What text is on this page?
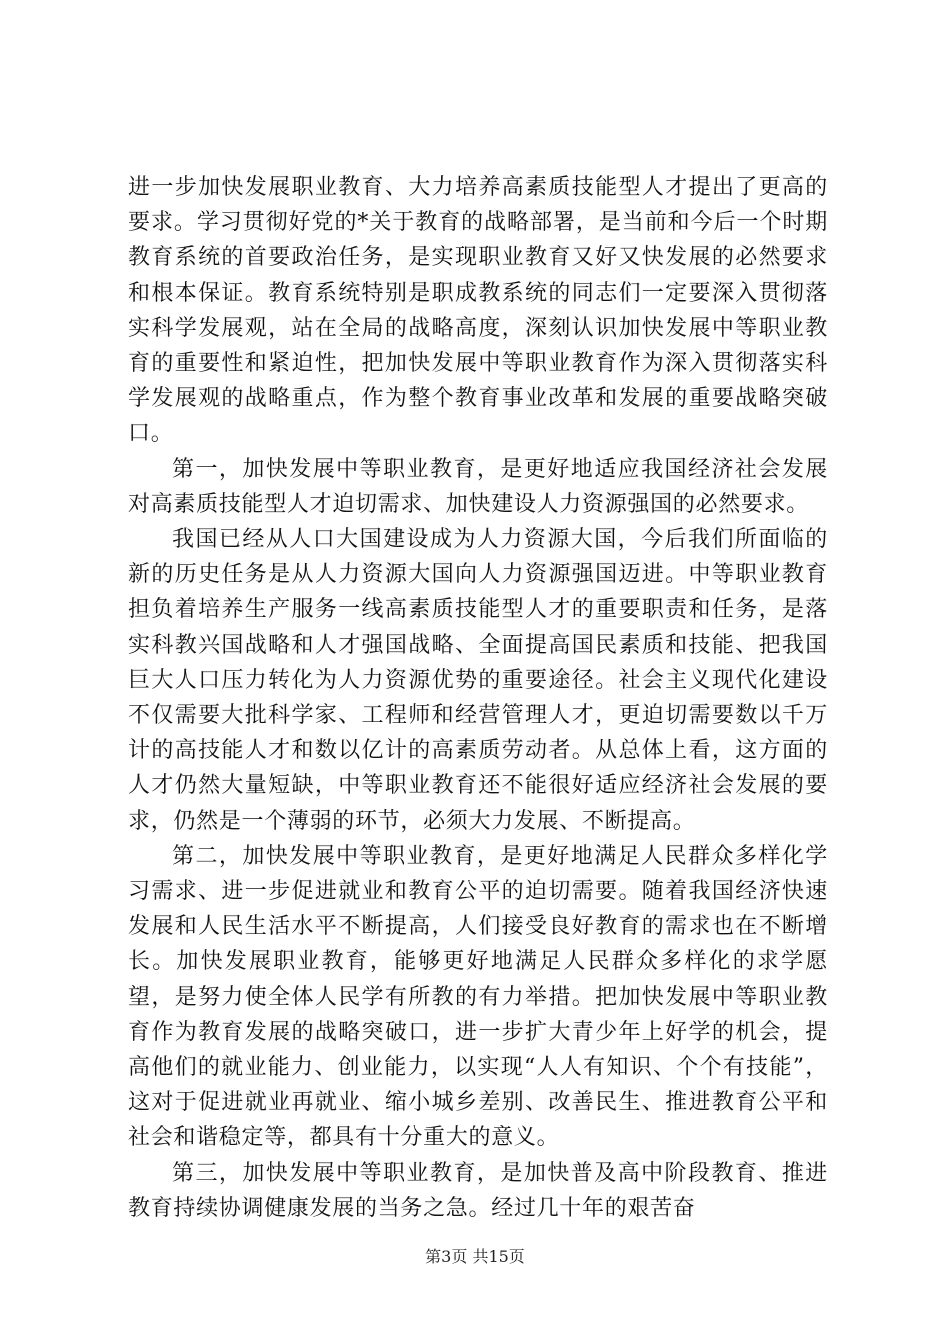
进一步加快发展职业教育、大力培养高素质技能型人才提出了更高的要求。学习贯彻好党的*关于教育的战略部署，是当前和今后一个时期教育系统的首要政治任务，是实现职业教育又好又快发展的必然要求和根本保证。教育系统特别是职成教系统的同志们一定要深入贯彻落实科学发展观，站在全局的战略高度，深刻认识加快发展中等职业教育的重要性和紧迫性，把加快发展中等职业教育作为深入贯彻落实科学发展观的战略重点，作为整个教育事业改革和发展的重要战略突破口。

第一，加快发展中等职业教育，是更好地适应我国经济社会发展对高素质技能型人才迫切需求、加快建设人力资源强国的必然要求。

我国已经从人口大国建设成为人力资源大国，今后我们所面临的新的历史任务是从人力资源大国向人力资源强国迈进。中等职业教育担负着培养生产服务一线高素质技能型人才的重要职责和任务，是落实科教兴国战略和人才强国战略、全面提高国民素质和技能、把我国巨大人口压力转化为人力资源优势的重要途径。社会主义现代化建设不仅需要大批科学家、工程师和经营管理人才，更迫切需要数以千万计的高技能人才和数以亿计的高素质劳动者。从总体上看，这方面的人才仍然大量短缺，中等职业教育还不能很好适应经济社会发展的要求，仍然是一个薄弱的环节，必须大力发展、不断提高。

第二，加快发展中等职业教育，是更好地满足人民群众多样化学习需求、进一步促进就业和教育公平的迫切需要。随着我国经济快速发展和人民生活水平不断提高，人们接受良好教育的需求也在不断增长。加快发展职业教育，能够更好地满足人民群众多样化的求学愿望，是努力使全体人民学有所教的有力举措。把加快发展中等职业教育作为教育发展的战略突破口，进一步扩大青少年上好学的机会，提高他们的就业能力、创业能力，以实现“人人有知识、个个有技能”，这对于促进就业再就业、缩小城乡差别、改善民生、推进教育公平和社会和谐稳定等，都具有十分重大的意义。

第三，加快发展中等职业教育，是加快普及高中阶段教育、推进教育持续协调健康发展的当务之急。经过几十年的艰苦奋

第3页 共15页
